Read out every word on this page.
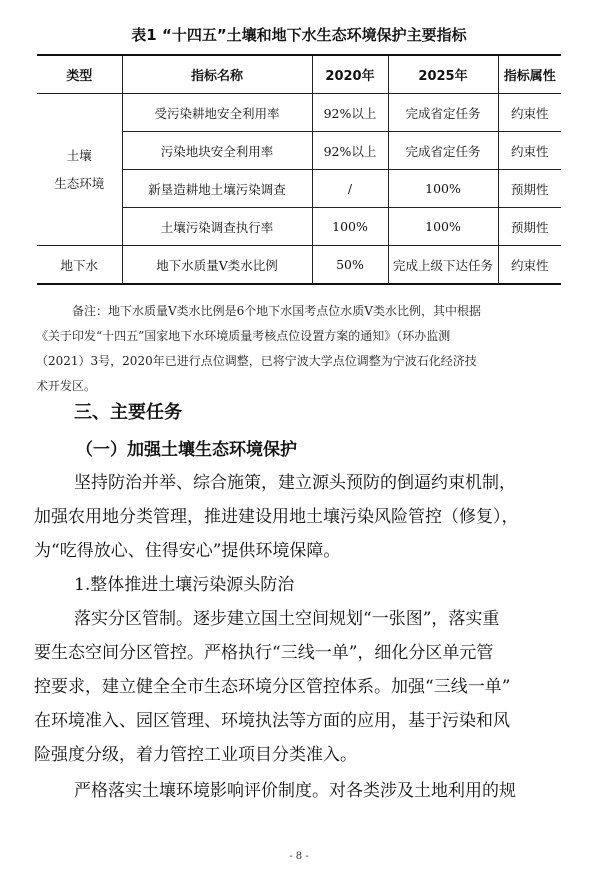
表1 “十四五”土壤和地下水生态环境保护主要指标
类型	指标名称	2020年	2025年	指标属性

土壤
生态环境	受污染耕地安全利用率	92%以上	完成省定任务	约束性
	污染地块安全利用率	92%以上	完成省定任务	约束性
	新垦造耕地土壤污染调查	/	100%	预期性
	土壤污染调查执行率	100%	100%	预期性
地下水	地下水质量V类水比例	50%	完成上级下达任务	约束性

备注：地下水质量V类水比例是6个地下水国考点位水质V类水比例，其中根据

《关于印发“十四五”国家地下水环境质量考核点位设置方案的通知》（环办监测

（2021）3号，2020年已进行点位调整，已将宁波大学点位调整为宁波石化经济技

术开发区。

三、主要任务
（一）加强土壤生态环境保护

坚持防治并举、综合施策，建立源头预防的倒逼约束机制，

加强农用地分类管理，推进建设用地土壤污染风险管控（修复），

为“吃得放心、住得安心”提供环境保障。

1.整体推进土壤污染源头防治

落实分区管制。逐步建立国土空间规划“一张图”，落实重

要生态空间分区管控。严格执行“三线一单”，细化分区单元管

控要求，建立健全全市生态环境分区管控体系。加强“三线一单”

在环境准入、园区管理、环境执法等方面的应用，基于污染和风

险强度分级，着力管控工业项目分类准入。

严格落实土壤环境影响评价制度。对各类涉及土地利用的规

- 8 -
